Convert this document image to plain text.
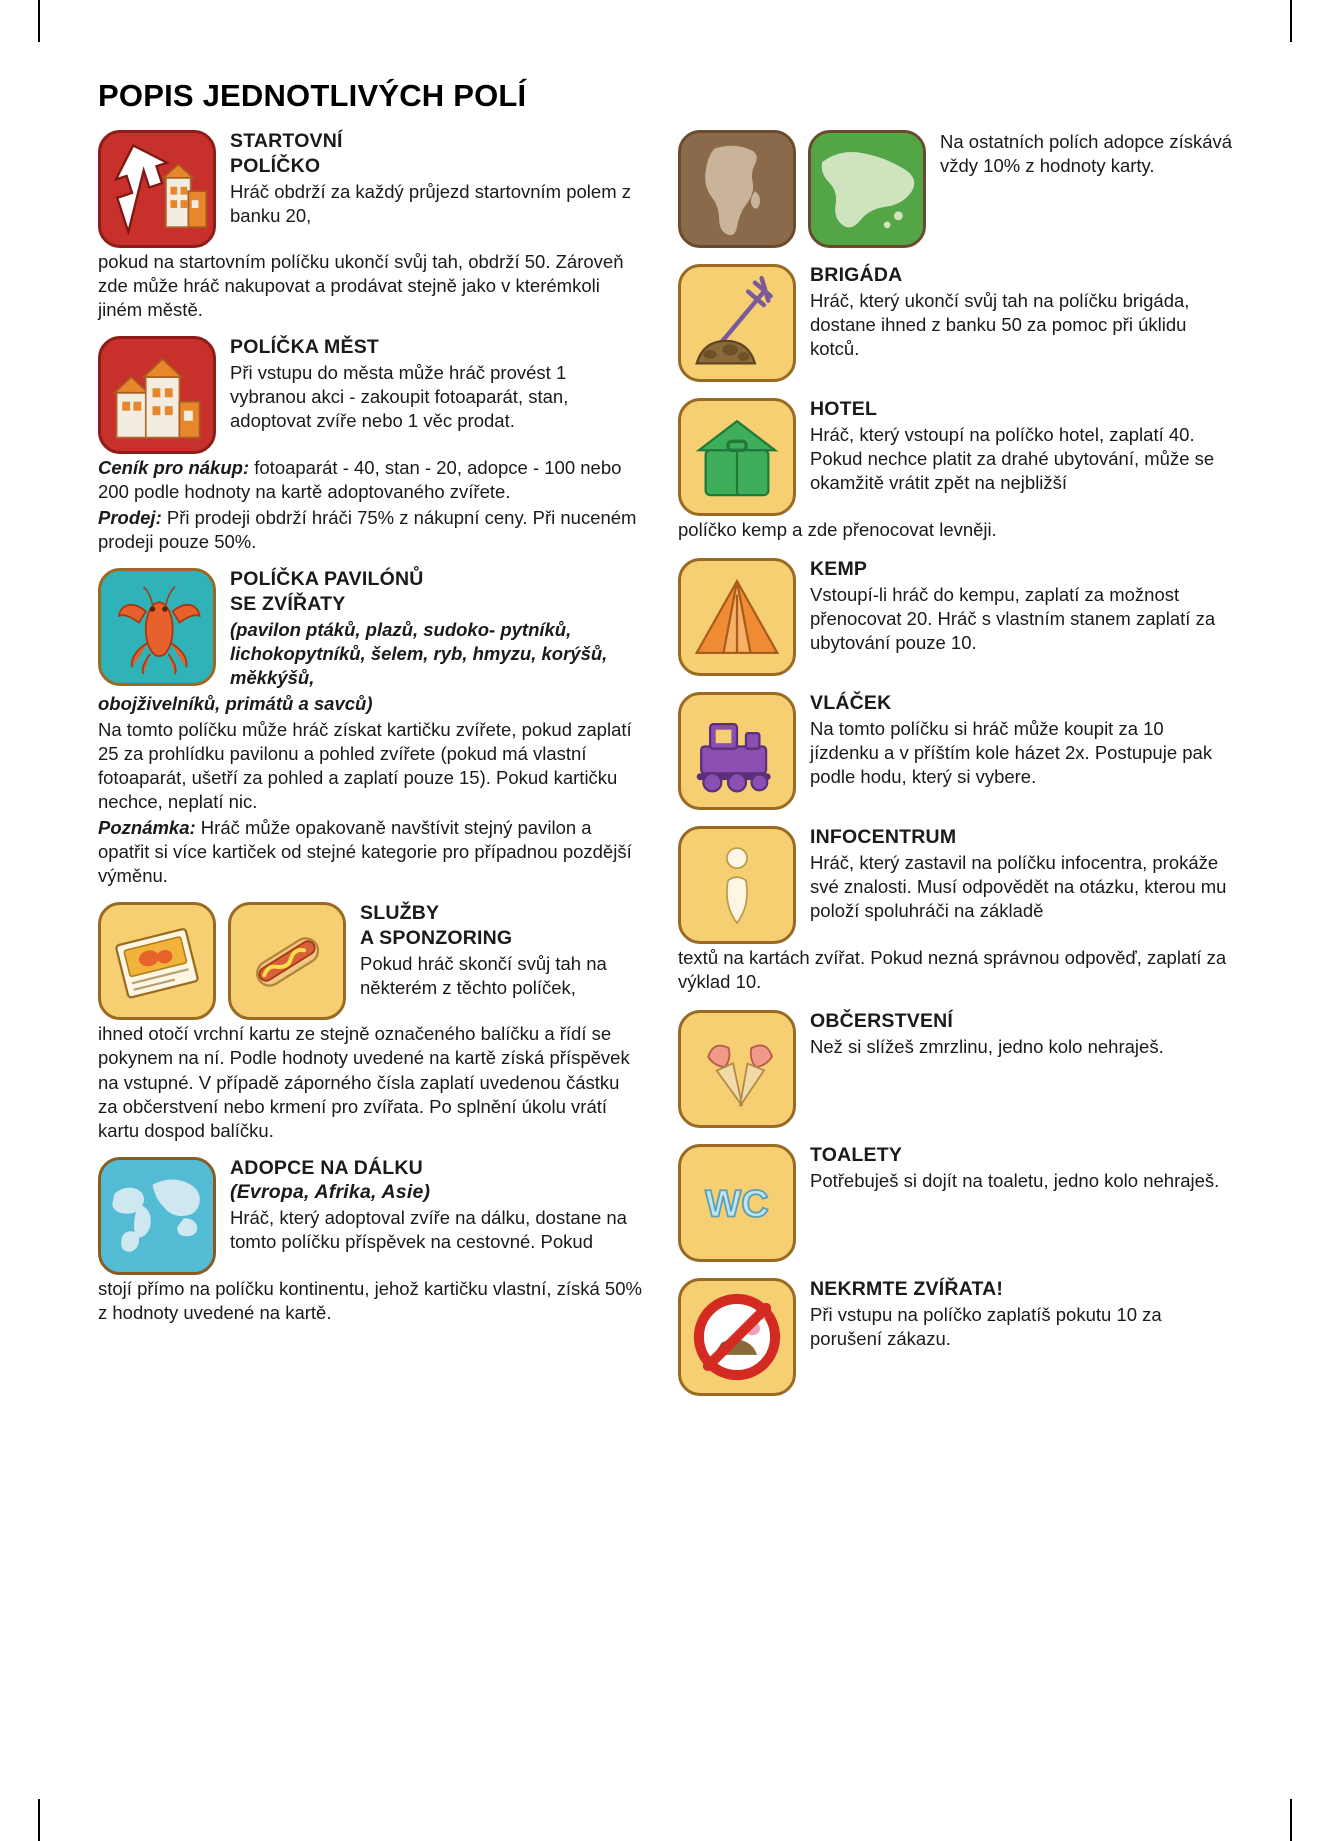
POPIS JEDNOTLIVÝCH POLÍ
STARTOVNÍ
POLÍČKO

Hráč obdrží za každý průjezd startovním polem z banku 20,

pokud na startovním políčku ukončí svůj tah, obdrží 50. Zároveň zde může hráč nakupovat a prodávat stejně jako v kterémkoli jiném městě.
POLÍČKA MĚST

Při vstupu do města může hráč provést 1 vybranou akci - zakoupit fotoaparát, stan, adoptovat zvíře nebo 1 věc prodat.

Ceník pro nákup: fotoaparát - 40, stan - 20, adopce - 100 nebo 200 podle hodnoty na kartě adoptovaného zvířete.
Prodej: Při prodeji obdrží hráči 75% z nákupní ceny. Při nuceném prodeji pouze 50%.
POLÍČKA PAVILÓNŮ
SE ZVÍŘATY

(pavilon ptáků, plazů, sudoko- pytníků, lichokopytníků, šelem, ryb, hmyzu, korýšů, měkkýšů,

obojživelníků, primátů a savců)
Na tomto políčku může hráč získat kartičku zvířete, pokud zaplatí 25 za prohlídku pavilonu a pohled zvířete (pokud má vlastní fotoaparát, ušetří za pohled a zaplatí pouze 15). Pokud kartičku nechce, neplatí nic.
Poznámka: Hráč může opakovaně navštívit stejný pavilon a opatřit si více kartiček od stejné kategorie pro případnou pozdější výměnu.
SLUŽBY
A SPONZORING

Pokud hráč skončí svůj tah na některém z těchto políček,

ihned otočí vrchní kartu ze stejně označeného balíčku a řídí se pokynem na ní. Podle hodnoty uvedené na kartě získá příspěvek na vstupné. V případě záporného čísla zaplatí uvedenou částku za občerstvení nebo krmení pro zvířata. Po splnění úkolu vrátí kartu dospod balíčku.
ADOPCE NA DÁLKU
(Evropa, Afrika, Asie)

Hráč, který adoptoval zvíře na dálku, dostane na tomto políčku příspěvek na cestovné. Pokud

stojí přímo na políčku kontinentu, jehož kartičku vlastní, získá 50% z hodnoty uvedené na kartě.
Na ostatních polích adopce získává vždy 10% z hodnoty karty.
BRIGÁDA

Hráč, který ukončí svůj tah na políčku brigáda, dostane ihned z banku 50 za pomoc při úklidu kotců.

HOTEL

Hráč, který vstoupí na políčko hotel, zaplatí 40. Pokud nechce platit za drahé ubytování, může se okamžitě vrátit zpět na nejbližší

políčko kemp a zde přenocovat levněji.
KEMP

Vstoupí-li hráč do kempu, zaplatí za možnost přenocovat 20. Hráč s vlastním stanem zaplatí za ubytování pouze 10.

VLÁČEK

Na tomto políčku si hráč může koupit za 10 jízdenku a v příštím kole házet 2x. Postupuje pak podle hodu, který si vybere.

INFOCENTRUM

Hráč, který zastavil na políčku infocentra, prokáže své znalosti. Musí odpovědět na otázku, kterou mu položí spoluhráči na základě

textů na kartách zvířat. Pokud nezná správnou odpověď, zaplatí za výklad 10.
OBČERSTVENÍ

Než si slížeš zmrzlinu, jedno kolo nehraješ.

WC
TOALETY

Potřebuješ si dojít na toaletu, jedno kolo nehraješ.

NEKRMTE ZVÍŘATA!

Při vstupu na políčko zaplatíš pokutu 10 za porušení zákazu.
